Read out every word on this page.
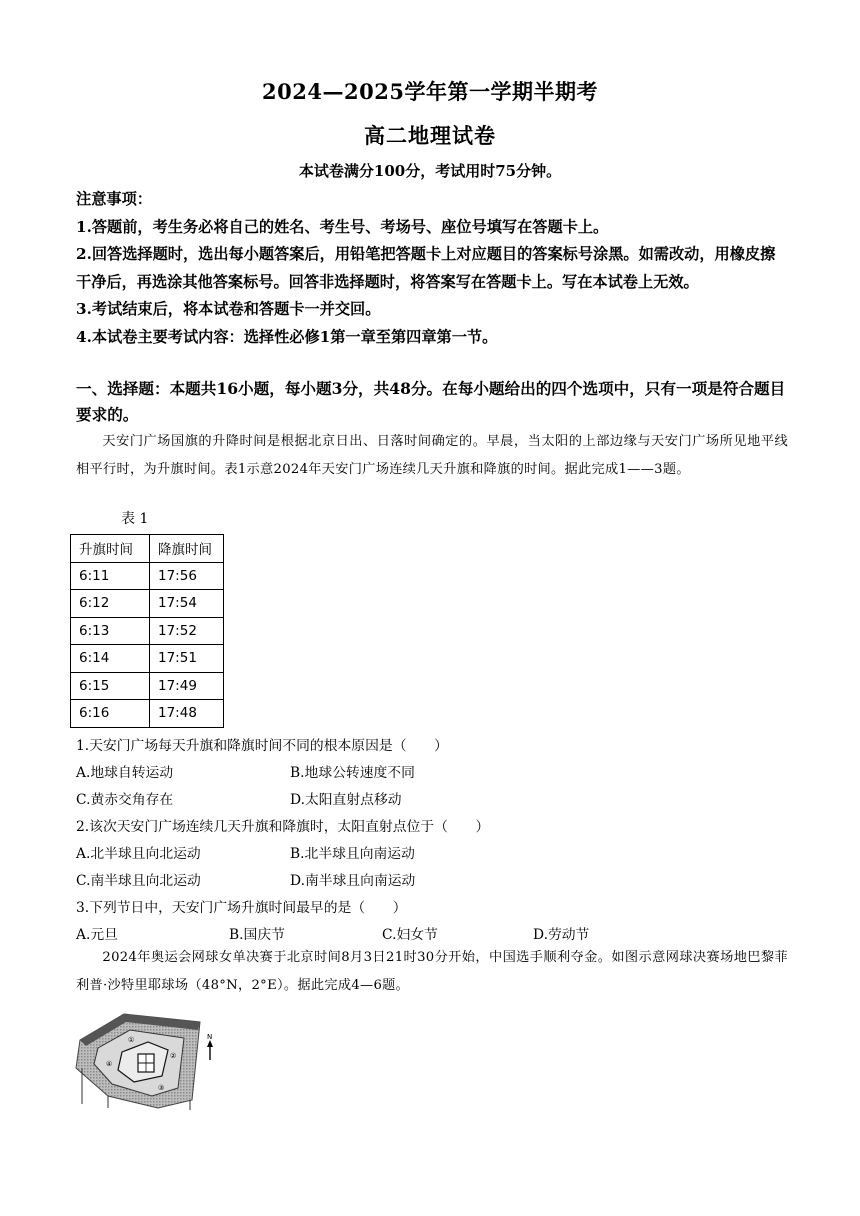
2024—2025学年第一学期半期考
高二地理试卷
本试卷满分100分，考试用时75分钟。

注意事项：

1.答题前，考生务必将自己的姓名、考生号、考场号、座位号填写在答题卡上。

2.回答选择题时，选出每小题答案后，用铅笔把答题卡上对应题目的答案标号涂黑。如需改动，用橡皮擦干净后，再选涂其他答案标号。回答非选择题时，将答案写在答题卡上。写在本试卷上无效。

3.考试结束后，将本试卷和答题卡一并交回。

4.本试卷主要考试内容：选择性必修1第一章至第四章第一节。

一、选择题：本题共16小题，每小题3分，共48分。在每小题给出的四个选项中，只有一项是符合题目要求的。
天安门广场国旗的升降时间是根据北京日出、日落时间确定的。早晨，当太阳的上部边缘与天安门广场所见地平线相平行时，为升旗时间。表1示意2024年天安门广场连续几天升旗和降旗的时间。据此完成1——3题。
表 1
升旗时间	降旗时间
6:11	17:56
6:12	17:54
6:13	17:52
6:14	17:51
6:15	17:49
6:16	17:48
1.天安门广场每天升旗和降旗时间不同的根本原因是（　　）
A.地球自转运动	B.地球公转速度不同
C.黄赤交角存在	D.太阳直射点移动
2.该次天安门广场连续几天升旗和降旗时，太阳直射点位于（　　）
A.北半球且向北运动	B.北半球且向南运动
C.南半球且向北运动	D.南半球且向南运动
3.下列节日中，天安门广场升旗时间最早的是（　　）
A.元旦	B.国庆节	C.妇女节	D.劳动节
2024年奥运会网球女单决赛于北京时间8月3日21时30分开始，中国选手顺利夺金。如图示意网球决赛场地巴黎菲利普·沙特里耶球场（48°N，2°E）。据此完成4—6题。
①
②
③
④
N
